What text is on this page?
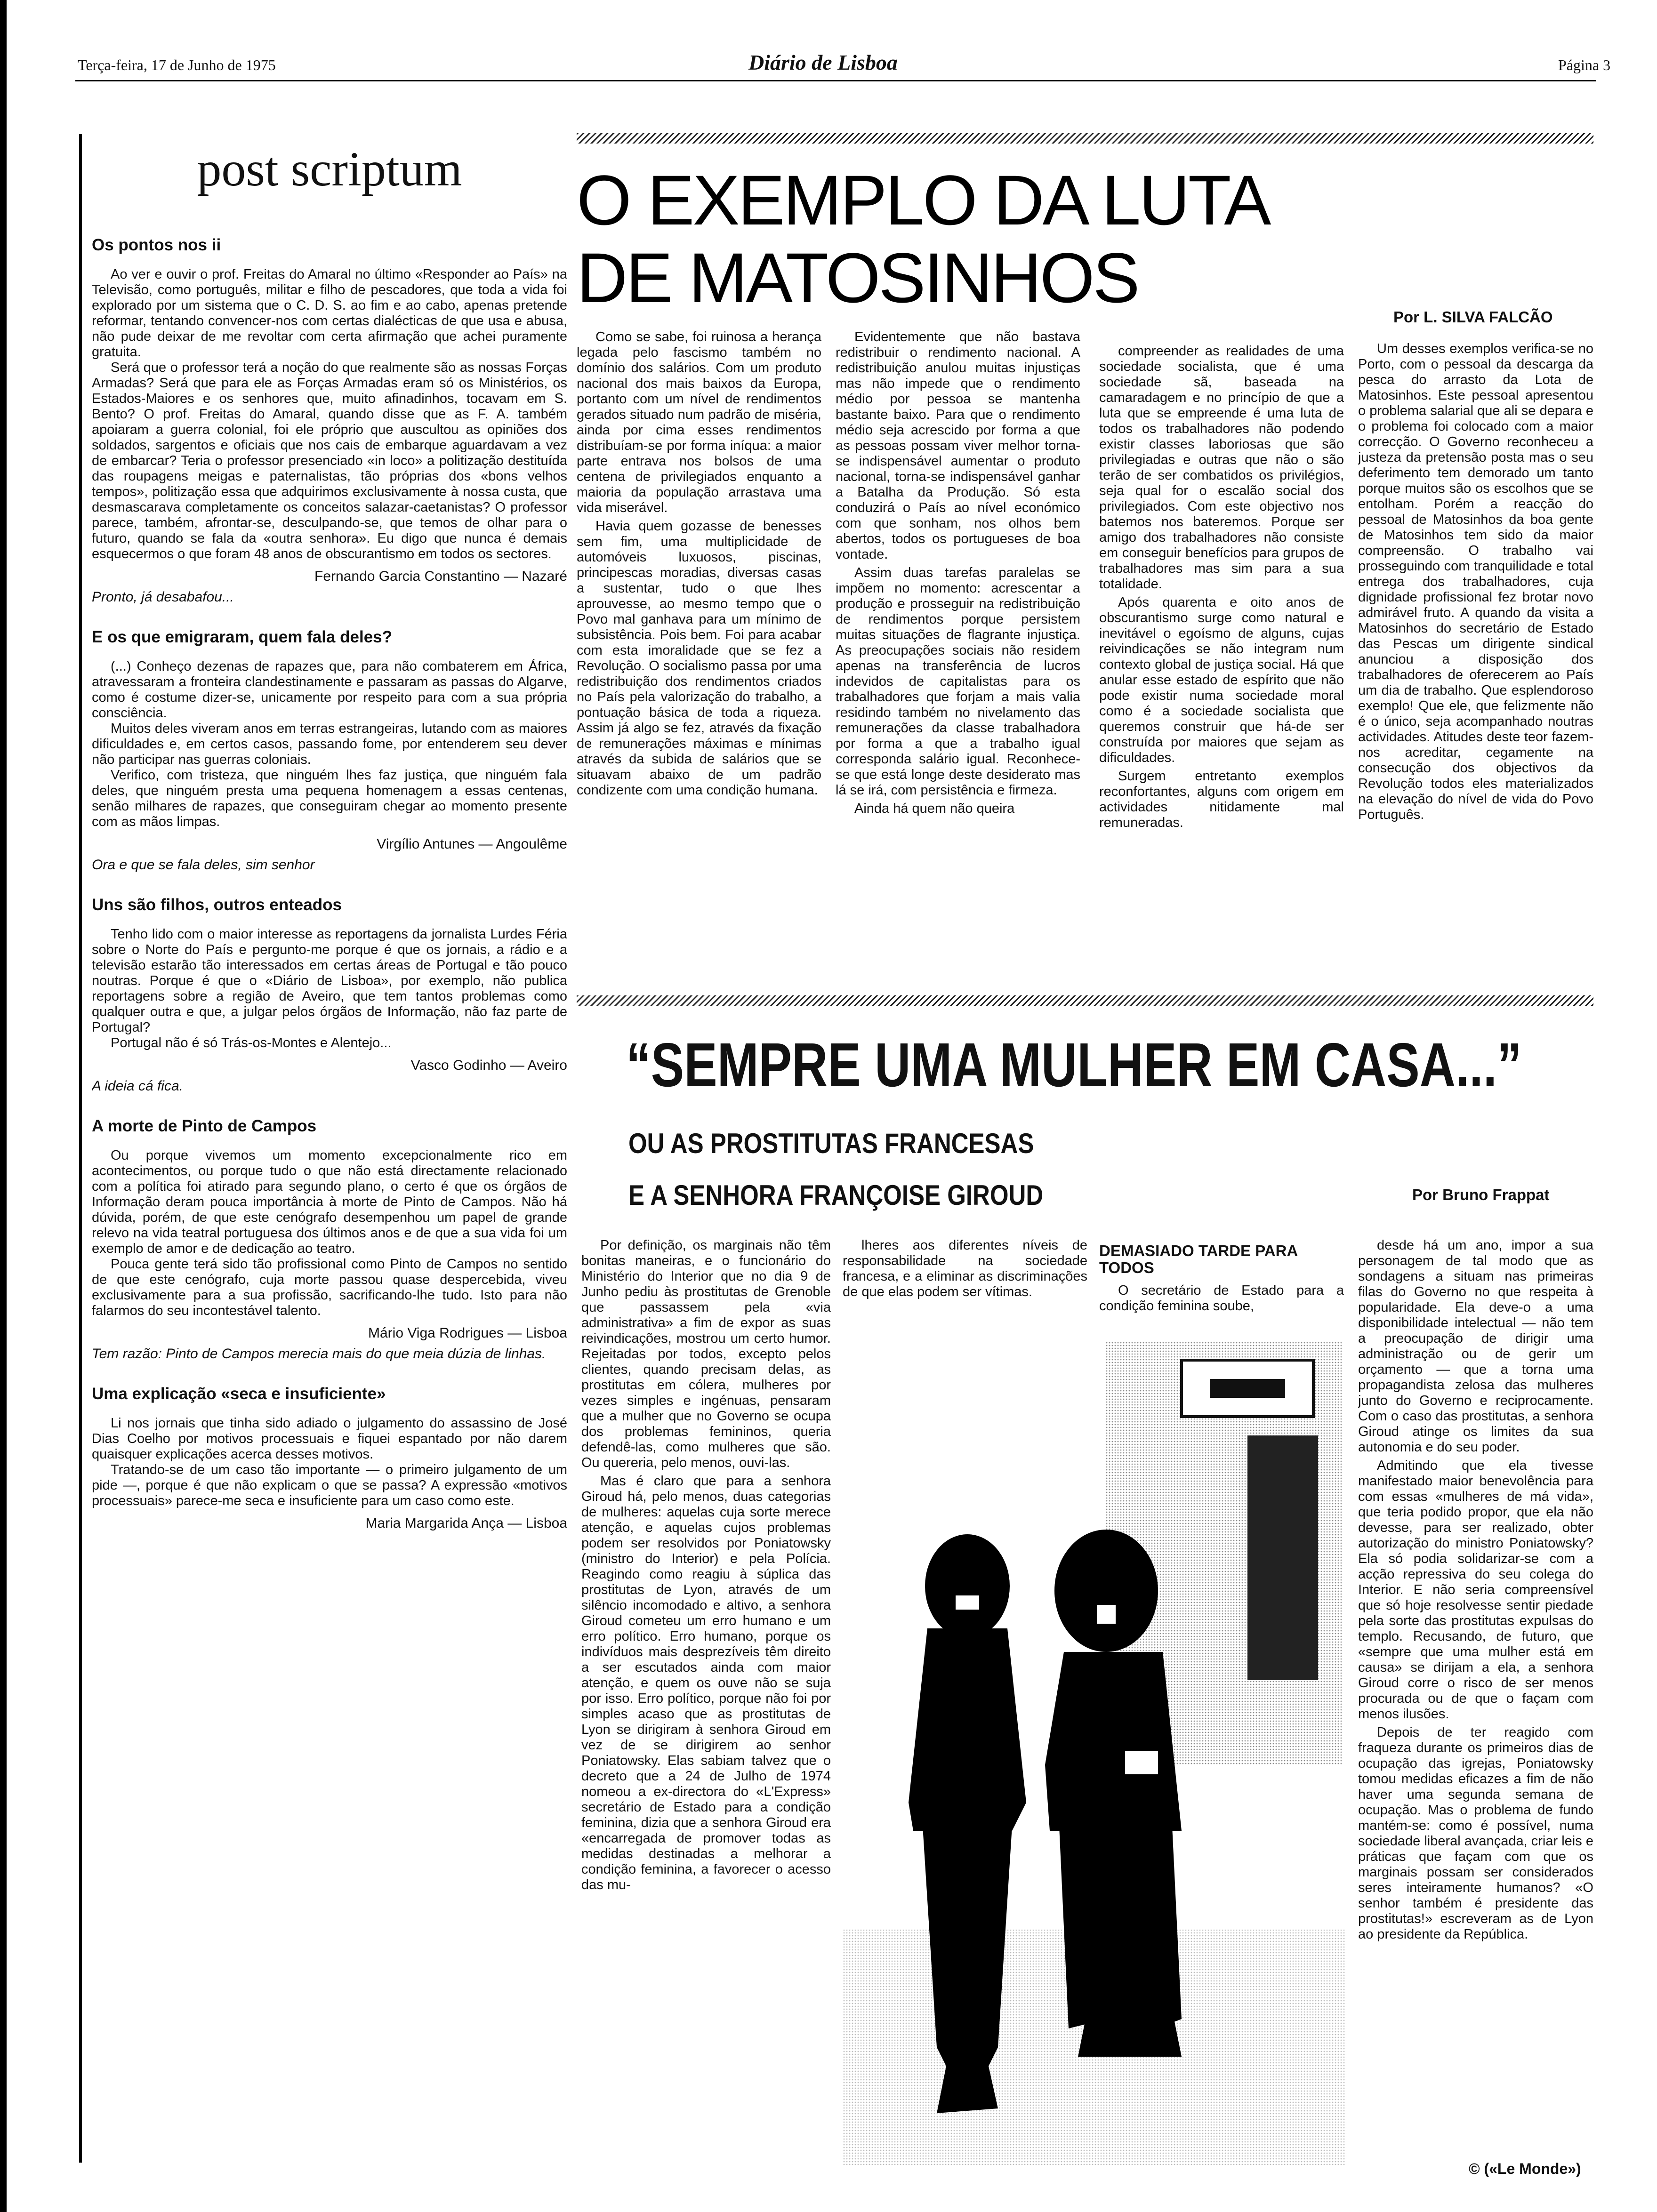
Terça-feira, 17 de Junho de 1975	Diário de Lisboa	Página 3
post scriptum
Os pontos nos ii

Ao ver e ouvir o prof. Freitas do Amaral no último «Responder ao País» na Televisão, como português, militar e filho de pescadores, que toda a vida foi explorado por um sistema que o C. D. S. ao fim e ao cabo, apenas pretende reformar, tentando convencer-nos com certas dialécticas de que usa e abusa, não pude deixar de me revoltar com certa afirmação que achei puramente gratuita.

Será que o professor terá a noção do que realmente são as nossas Forças Armadas? Será que para ele as Forças Armadas eram só os Ministérios, os Estados-Maiores e os senhores que, muito afinadinhos, tocavam em S. Bento? O prof. Freitas do Amaral, quando disse que as F. A. também apoiaram a guerra colonial, foi ele próprio que auscultou as opiniões dos soldados, sargentos e oficiais que nos cais de embarque aguardavam a vez de embarcar? Teria o professor presenciado «in loco» a politização destituída das roupagens meigas e paternalistas, tão próprias dos «bons velhos tempos», politização essa que adquirimos exclusivamente à nossa custa, que desmascarava completamente os conceitos salazar-caetanistas? O professor parece, também, afrontar-se, desculpando-se, que temos de olhar para o futuro, quando se fala da «outra senhora». Eu digo que nunca é demais esquecermos o que foram 48 anos de obscurantismo em todos os sectores.

Fernando Garcia Constantino — Nazaré
Pronto, já desabafou...
E os que emigraram, quem fala deles?

(...) Conheço dezenas de rapazes que, para não combaterem em África, atravessaram a fronteira clandestinamente e passaram as passas do Algarve, como é costume dizer-se, unicamente por respeito para com a sua própria consciência.

Muitos deles viveram anos em terras estrangeiras, lutando com as maiores dificuldades e, em certos casos, passando fome, por entenderem seu dever não participar nas guerras coloniais.

Verifico, com tristeza, que ninguém lhes faz justiça, que ninguém fala deles, que ninguém presta uma pequena homenagem a essas centenas, senão milhares de rapazes, que conseguiram chegar ao momento presente com as mãos limpas.

Virgílio Antunes — Angoulême
Ora e que se fala deles, sim senhor
Uns são filhos, outros enteados

Tenho lido com o maior interesse as reportagens da jornalista Lurdes Féria sobre o Norte do País e pergunto-me porque é que os jornais, a rádio e a televisão estarão tão interessados em certas áreas de Portugal e tão pouco noutras. Porque é que o «Diário de Lisboa», por exemplo, não publica reportagens sobre a região de Aveiro, que tem tantos problemas como qualquer outra e que, a julgar pelos órgãos de Informação, não faz parte de Portugal?

Portugal não é só Trás-os-Montes e Alentejo...

Vasco Godinho — Aveiro
A ideia cá fica.
A morte de Pinto de Campos

Ou porque vivemos um momento excepcionalmente rico em acontecimentos, ou porque tudo o que não está directamente relacionado com a política foi atirado para segundo plano, o certo é que os órgãos de Informação deram pouca importância à morte de Pinto de Campos. Não há dúvida, porém, de que este cenógrafo desempenhou um papel de grande relevo na vida teatral portuguesa dos últimos anos e de que a sua vida foi um exemplo de amor e de dedicação ao teatro.

Pouca gente terá sido tão profissional como Pinto de Campos no sentido de que este cenógrafo, cuja morte passou quase despercebida, viveu exclusivamente para a sua profissão, sacrificando-lhe tudo. Isto para não falarmos do seu incontestável talento.

Mário Viga Rodrigues — Lisboa
Tem razão: Pinto de Campos merecia mais do que meia dúzia de linhas.
Uma explicação «seca e insuficiente»

Li nos jornais que tinha sido adiado o julgamento do assassino de José Dias Coelho por motivos processuais e fiquei espantado por não darem quaisquer explicações acerca desses motivos.

Tratando-se de um caso tão importante — o primeiro julgamento de um pide —, porque é que não explicam o que se passa? A expressão «motivos processuais» parece-me seca e insuficiente para um caso como este.

Maria Margarida Ança — Lisboa
O EXEMPLO DA LUTA
DE MATOSINHOS	Por L. SILVA FALCÃO

Como se sabe, foi ruinosa a herança legada pelo fascismo também no domínio dos salários. Com um produto nacional dos mais baixos da Europa, portanto com um nível de rendimentos gerados situado num padrão de miséria, ainda por cima esses rendimentos distribuíam-se por forma iníqua: a maior parte entrava nos bolsos de uma centena de privilegiados enquanto a maioria da população arrastava uma vida miserável.

Havia quem gozasse de benesses sem fim, uma multiplicidade de automóveis luxuosos, piscinas, principescas moradias, diversas casas a sustentar, tudo o que lhes aprouvesse, ao mesmo tempo que o Povo mal ganhava para um mínimo de subsistência. Pois bem. Foi para acabar com esta imoralidade que se fez a Revolução. O socialismo passa por uma redistribuição dos rendimentos criados no País pela valorização do trabalho, a pontuação básica de toda a riqueza. Assim já algo se fez, através da fixação de remunerações máximas e mínimas através da subida de salários que se situavam abaixo de um padrão condizente com uma condição humana.

Evidentemente que não bastava redistribuir o rendimento nacional. A redistribuição anulou muitas injustiças mas não impede que o rendimento médio por pessoa se mantenha bastante baixo. Para que o rendimento médio seja acrescido por forma a que as pessoas possam viver melhor torna-se indispensável aumentar o produto nacional, torna-se indispensável ganhar a Batalha da Produção. Só esta conduzirá o País ao nível económico com que sonham, nos olhos bem abertos, todos os portugueses de boa vontade.

Assim duas tarefas paralelas se impõem no momento: acrescentar a produção e prosseguir na redistribuição de rendimentos porque persistem muitas situações de flagrante injustiça. As preocupações sociais não residem apenas na transferência de lucros indevidos de capitalistas para os trabalhadores que forjam a mais valia residindo também no nivelamento das remunerações da classe trabalhadora por forma a que a trabalho igual corresponda salário igual. Reconhece-se que está longe deste desiderato mas lá se irá, com persistência e firmeza.

Ainda há quem não queira

compreender as realidades de uma sociedade socialista, que é uma sociedade sã, baseada na camaradagem e no princípio de que a luta que se empreende é uma luta de todos os trabalhadores não podendo existir classes laboriosas que são privilegiadas e outras que não o são terão de ser combatidos os privilégios, seja qual for o escalão social dos privilegiados. Com este objectivo nos batemos nos bateremos. Porque ser amigo dos trabalhadores não consiste em conseguir benefícios para grupos de trabalhadores mas sim para a sua totalidade.

Após quarenta e oito anos de obscurantismo surge como natural e inevitável o egoísmo de alguns, cujas reivindicações se não integram num contexto global de justiça social. Há que anular esse estado de espírito que não pode existir numa sociedade moral como é a sociedade socialista que queremos construir que há-de ser construída por maiores que sejam as dificuldades.

Surgem entretanto exemplos reconfortantes, alguns com origem em actividades nitidamente mal remuneradas.

Um desses exemplos verifica-se no Porto, com o pessoal da descarga da pesca do arrasto da Lota de Matosinhos. Este pessoal apresentou o problema salarial que ali se depara e o problema foi colocado com a maior correcção. O Governo reconheceu a justeza da pretensão posta mas o seu deferimento tem demorado um tanto porque muitos são os escolhos que se entolham. Porém a reacção do pessoal de Matosinhos da boa gente de Matosinhos tem sido da maior compreensão. O trabalho vai prosseguindo com tranquilidade e total entrega dos trabalhadores, cuja dignidade profissional fez brotar novo admirável fruto. A quando da visita a Matosinhos do secretário de Estado das Pescas um dirigente sindical anunciou a disposição dos trabalhadores de oferecerem ao País um dia de trabalho. Que esplendoroso exemplo! Que ele, que felizmente não é o único, seja acompanhado noutras actividades. Atitudes deste teor fazem-nos acreditar, cegamente na consecução dos objectivos da Revolução todos eles materializados na elevação do nível de vida do Povo Português.

“SEMPRE UMA MULHER EM CASA...”
OU AS PROSTITUTAS FRANCESAS
E A SENHORA FRANÇOISE GIROUD	Por Bruno Frappat

Por definição, os marginais não têm bonitas maneiras, e o funcionário do Ministério do Interior que no dia 9 de Junho pediu às prostitutas de Grenoble que passassem pela «via administrativa» a fim de expor as suas reivindicações, mostrou um certo humor. Rejeitadas por todos, excepto pelos clientes, quando precisam delas, as prostitutas em cólera, mulheres por vezes simples e ingénuas, pensaram que a mulher que no Governo se ocupa dos problemas femininos, queria defendê-las, como mulheres que são. Ou quereria, pelo menos, ouvi-las.

Mas é claro que para a senhora Giroud há, pelo menos, duas categorias de mulheres: aquelas cuja sorte merece atenção, e aquelas cujos problemas podem ser resolvidos por Poniatowsky (ministro do Interior) e pela Polícia. Reagindo como reagiu à súplica das prostitutas de Lyon, através de um silêncio incomodado e altivo, a senhora Giroud cometeu um erro humano e um erro político. Erro humano, porque os indivíduos mais desprezíveis têm direito a ser escutados ainda com maior atenção, e quem os ouve não se suja por isso. Erro político, porque não foi por simples acaso que as prostitutas de Lyon se dirigiram à senhora Giroud em vez de se dirigirem ao senhor Poniatowsky. Elas sabiam talvez que o decreto que a 24 de Julho de 1974 nomeou a ex-directora do «L'Express» secretário de Estado para a condição feminina, dizia que a senhora Giroud era «encarregada de promover todas as medidas destinadas a melhorar a condição feminina, a favorecer o acesso das mu-

lheres aos diferentes níveis de responsabilidade na sociedade francesa, e a eliminar as discriminações de que elas podem ser vítimas.

DEMASIADO TARDE PARA TODOS

O secretário de Estado para a condição feminina soube,

desde há um ano, impor a sua personagem de tal modo que as sondagens a situam nas primeiras filas do Governo no que respeita à popularidade. Ela deve-o a uma disponibilidade intelectual — não tem a preocupação de dirigir uma administração ou de gerir um orçamento — que a torna uma propagandista zelosa das mulheres junto do Governo e reciprocamente. Com o caso das prostitutas, a senhora Giroud atinge os limites da sua autonomia e do seu poder.

Admitindo que ela tivesse manifestado maior benevolência para com essas «mulheres de má vida», que teria podido propor, que ela não devesse, para ser realizado, obter autorização do ministro Poniatowsky? Ela só podia solidarizar-se com a acção repressiva do seu colega do Interior. E não seria compreensível que só hoje resolvesse sentir piedade pela sorte das prostitutas expulsas do templo. Recusando, de futuro, que «sempre que uma mulher está em causa» se dirijam a ela, a senhora Giroud corre o risco de ser menos procurada ou de que o façam com menos ilusões.

Depois de ter reagido com fraqueza durante os primeiros dias de ocupação das igrejas, Poniatowsky tomou medidas eficazes a fim de não haver uma segunda semana de ocupação. Mas o problema de fundo mantém-se: como é possível, numa sociedade liberal avançada, criar leis e práticas que façam com que os marginais possam ser considerados seres inteiramente humanos? «O senhor também é presidente das prostitutas!» escreveram as de Lyon ao presidente da República.

© («Le Monde»)
